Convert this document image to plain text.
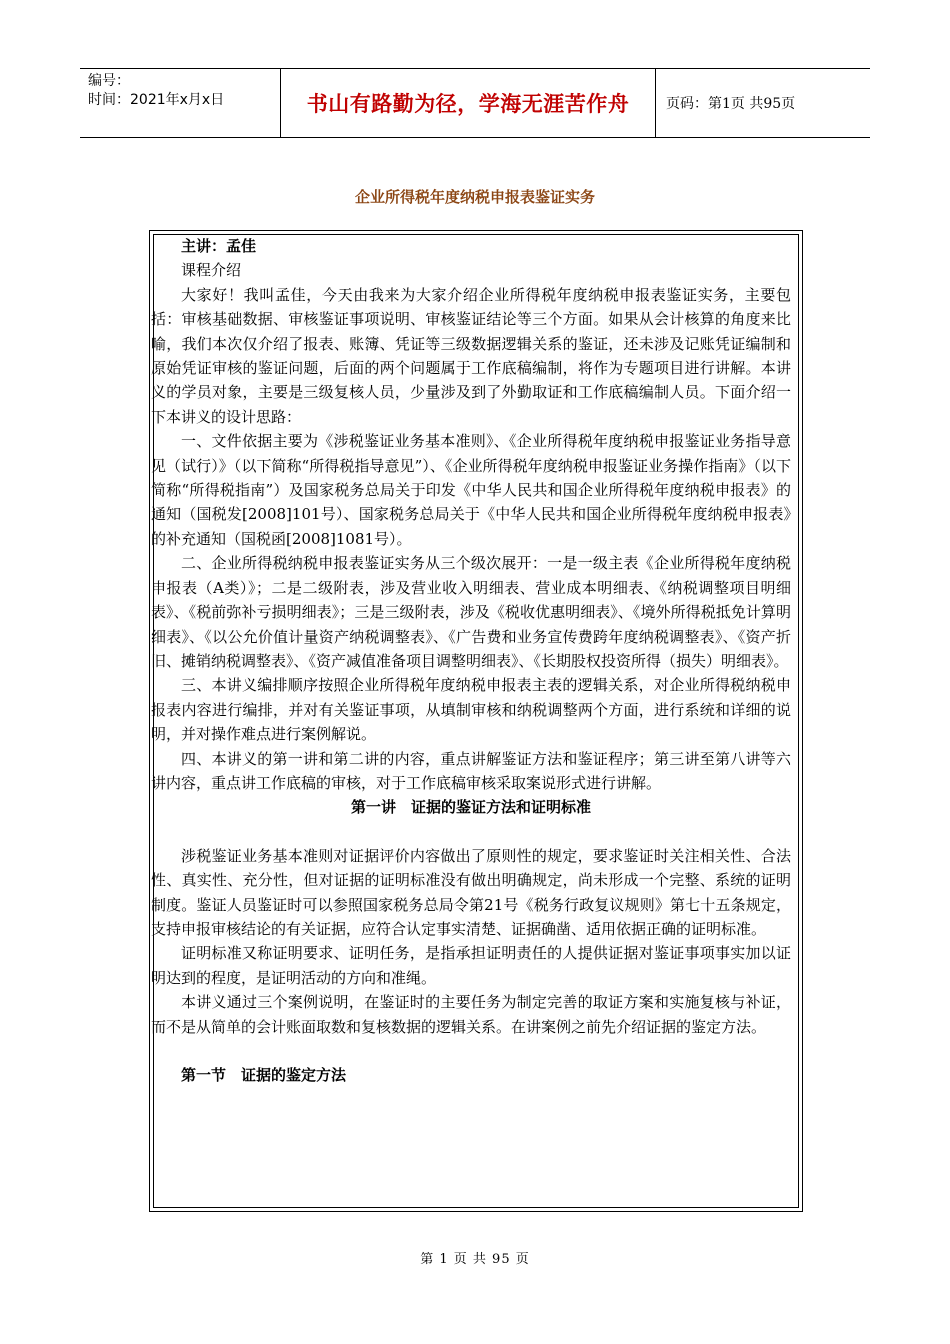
编号：
时间：2021年x月x日	书山有路勤为径，学海无涯苦作舟	页码：第1页 共95页
企业所得税年度纳税申报表鉴证实务

主讲：孟佳

课程介绍

大家好！我叫孟佳，今天由我来为大家介绍企业所得税年度纳税申报表鉴证实务，主要包括：审核基础数据、审核鉴证事项说明、审核鉴证结论等三个方面。如果从会计核算的角度来比喻，我们本次仅介绍了报表、账簿、凭证等三级数据逻辑关系的鉴证，还未涉及记账凭证编制和原始凭证审核的鉴证问题，后面的两个问题属于工作底稿编制，将作为专题项目进行讲解。本讲义的学员对象，主要是三级复核人员，少量涉及到了外勤取证和工作底稿编制人员。下面介绍一下本讲义的设计思路：

一、文件依据主要为《涉税鉴证业务基本准则》、《企业所得税年度纳税申报鉴证业务指导意见（试行）》（以下简称“所得税指导意见”）、《企业所得税年度纳税申报鉴证业务操作指南》（以下简称“所得税指南”）及国家税务总局关于印发《中华人民共和国企业所得税年度纳税申报表》的通知（国税发[2008]101号）、国家税务总局关于《中华人民共和国企业所得税年度纳税申报表》的补充通知（国税函[2008]1081号）。

二、企业所得税纳税申报表鉴证实务从三个级次展开：一是一级主表《企业所得税年度纳税申报表（A类）》；二是二级附表，涉及营业收入明细表、营业成本明细表、《纳税调整项目明细表》、《税前弥补亏损明细表》；三是三级附表，涉及《税收优惠明细表》、《境外所得税抵免计算明细表》、《以公允价值计量资产纳税调整表》、《广告费和业务宣传费跨年度纳税调整表》、《资产折旧、摊销纳税调整表》、《资产减值准备项目调整明细表》、《长期股权投资所得（损失）明细表》。

三、本讲义编排顺序按照企业所得税年度纳税申报表主表的逻辑关系，对企业所得税纳税申报表内容进行编排，并对有关鉴证事项，从填制审核和纳税调整两个方面，进行系统和详细的说明，并对操作难点进行案例解说。

四、本讲义的第一讲和第二讲的内容，重点讲解鉴证方法和鉴证程序；第三讲至第八讲等六讲内容，重点讲工作底稿的审核，对于工作底稿审核采取案说形式进行讲解。

第一讲　证据的鉴证方法和证明标准

涉税鉴证业务基本准则对证据评价内容做出了原则性的规定，要求鉴证时关注相关性、合法性、真实性、充分性，但对证据的证明标准没有做出明确规定，尚未形成一个完整、系统的证明制度。鉴证人员鉴证时可以参照国家税务总局令第21号《税务行政复议规则》第七十五条规定，支持申报审核结论的有关证据，应符合认定事实清楚、证据确凿、适用依据正确的证明标准。

证明标准又称证明要求、证明任务，是指承担证明责任的人提供证据对鉴证事项事实加以证明达到的程度，是证明活动的方向和准绳。

本讲义通过三个案例说明，在鉴证时的主要任务为制定完善的取证方案和实施复核与补证，而不是从简单的会计账面取数和复核数据的逻辑关系。在讲案例之前先介绍证据的鉴定方法。

第一节　证据的鉴定方法

第 1 页 共 95 页
